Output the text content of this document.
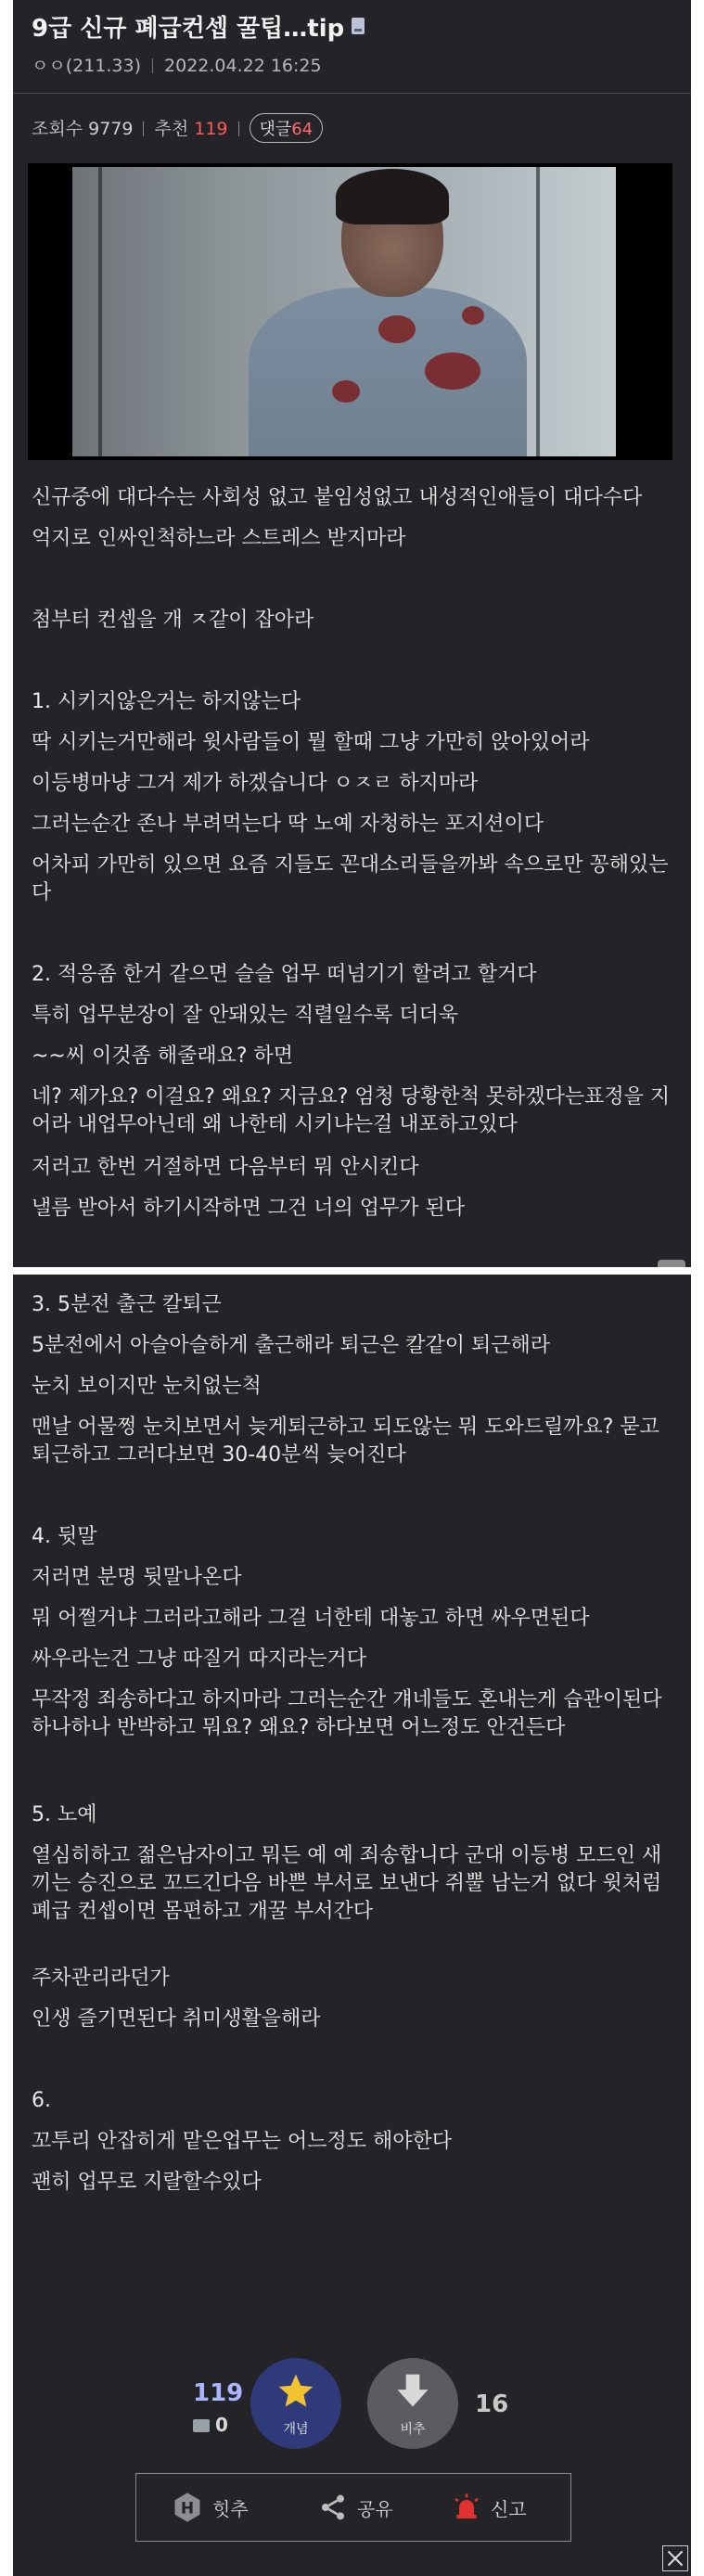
9급 신규 폐급컨셉 꿀팁…tip
ㅇㅇ(211.33) 2022.04.22 16:25
조회수 9779 추천 119 댓글64
신규중에 대다수는 사회성 없고 붙임성없고 내성적인애들이 대다수다
억지로 인싸인척하느라 스트레스 받지마라
첨부터 컨셉을 개 ㅈ같이 잡아라
1. 시키지않은거는 하지않는다
딱 시키는거만해라 윗사람들이 뭘 할때 그냥 가만히 앉아있어라
이등병마냥 그거 제가 하겠습니다 ㅇㅈㄹ 하지마라
그러는순간 존나 부려먹는다 딱 노예 자청하는 포지션이다
어차피 가만히 있으면 요즘 지들도 꼰대소리들을까봐 속으로만 꽁해있는다
2. 적응좀 한거 같으면 슬슬 업무 떠넘기기 할려고 할거다
특히 업무분장이 잘 안돼있는 직렬일수록 더더욱
~~씨 이것좀 해줄래요? 하면
네? 제가요? 이걸요? 왜요? 지금요? 엄청 당황한척 못하겠다는표정을 지어라 내업무아닌데 왜 나한테 시키냐는걸 내포하고있다
저러고 한번 거절하면 다음부터 뭐 안시킨다
낼름 받아서 하기시작하면 그건 너의 업무가 된다
3. 5분전 출근 칼퇴근
5분전에서 아슬아슬하게 출근해라 퇴근은 칼같이 퇴근해라
눈치 보이지만 눈치없는척
맨날 어물쩡 눈치보면서 늦게퇴근하고 되도않는 뭐 도와드릴까요? 묻고 퇴근하고 그러다보면 30-40분씩 늦어진다
4. 뒷말
저러면 분명 뒷말나온다
뭐 어쩔거냐 그러라고해라 그걸 너한테 대놓고 하면 싸우면된다
싸우라는건 그냥 따질거 따지라는거다
무작정 죄송하다고 하지마라 그러는순간 걔네들도 혼내는게 습관이된다 하나하나 반박하고 뭐요? 왜요? 하다보면 어느정도 안건든다
5. 노예
열심히하고 젊은남자이고 뭐든 예 예 죄송합니다 군대 이등병 모드인 새끼는 승진으로 꼬드긴다음 바쁜 부서로 보낸다 쥐뿔 남는거 없다 윗처럼 폐급 컨셉이면 몸편하고 개꿀 부서간다
주차관리라던가
인생 즐기면된다 취미생활을해라
6.
꼬투리 안잡히게 맡은업무는 어느정도 해야한다
괜히 업무로 지랄할수있다
119
0	개념	비추
16
H 힛추	공유	신고
